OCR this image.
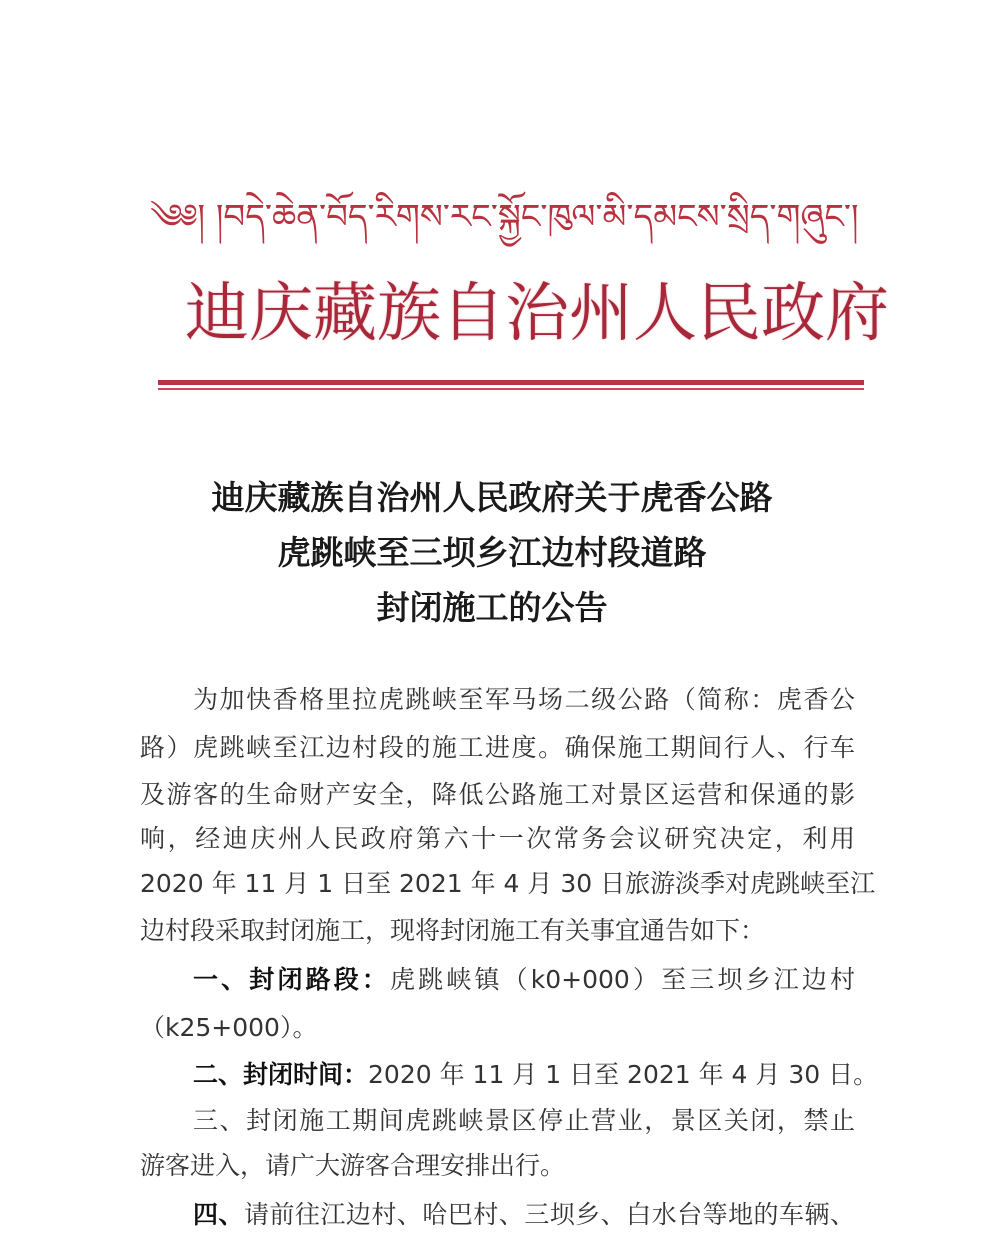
༄༅། །བདེ་ཆེན་བོད་རིགས་རང་སྐྱོང་ཁུལ་མི་དམངས་སྲིད་གཞུང་།
迪庆藏族自治州人民政府
迪庆藏族自治州人民政府关于虎香公路
虎跳峡至三坝乡江边村段道路
封闭施工的公告
为加快香格里拉虎跳峡至军马场二级公路（简称：虎香公
路）虎跳峡至江边村段的施工进度。确保施工期间行人、行车
及游客的生命财产安全，降低公路施工对景区运营和保通的影
响，经迪庆州人民政府第六十一次常务会议研究决定，利用
2020 年 11 月 1 日至 2021 年 4 月 30 日旅游淡季对虎跳峡至江
边村段采取封闭施工，现将封闭施工有关事宜通告如下：
一、封闭路段：虎跳峡镇（k0+000）至三坝乡江边村
（k25+000）。
二、封闭时间：2020 年 11 月 1 日至 2021 年 4 月 30 日。
三、封闭施工期间虎跳峡景区停止营业，景区关闭，禁止
游客进入，请广大游客合理安排出行。
四、请前往江边村、哈巴村、三坝乡、白水台等地的车辆、
